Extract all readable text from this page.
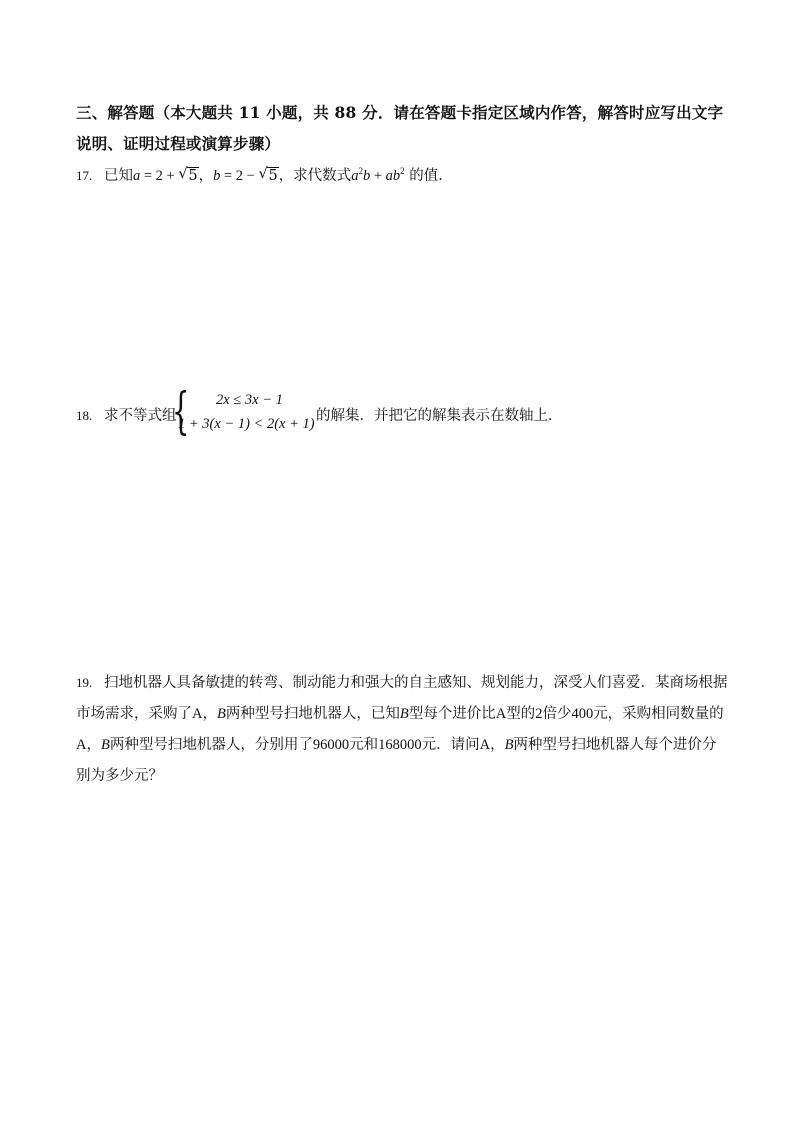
三、解答题（本大题共 11 小题，共 88 分．请在答题卡指定区域内作答，解答时应写出文字说明、证明过程或演算步骤）
17. 已知a = 2 + √ 5，b = 2 − √ 5，求代数式$a^2b + ab^2$ 的值．
18. 求不等式组
{ 2x ≤ 3x − 1
1 + 3(x − 1) < 2(x + 1) 的解集．并把它的解集表示在数轴上．
19. 扫地机器人具备敏捷的转弯、制动能力和强大的自主感知、规划能力，深受人们喜爱．某商场根据市场需求，采购了A，B两种型号扫地机器人，已知B型每个进价比A型的2倍少400元，采购相同数量的A，B两种型号扫地机器人，分别用了96000元和168000元．请问A，B两种型号扫地机器人每个进价分别为多少元？
